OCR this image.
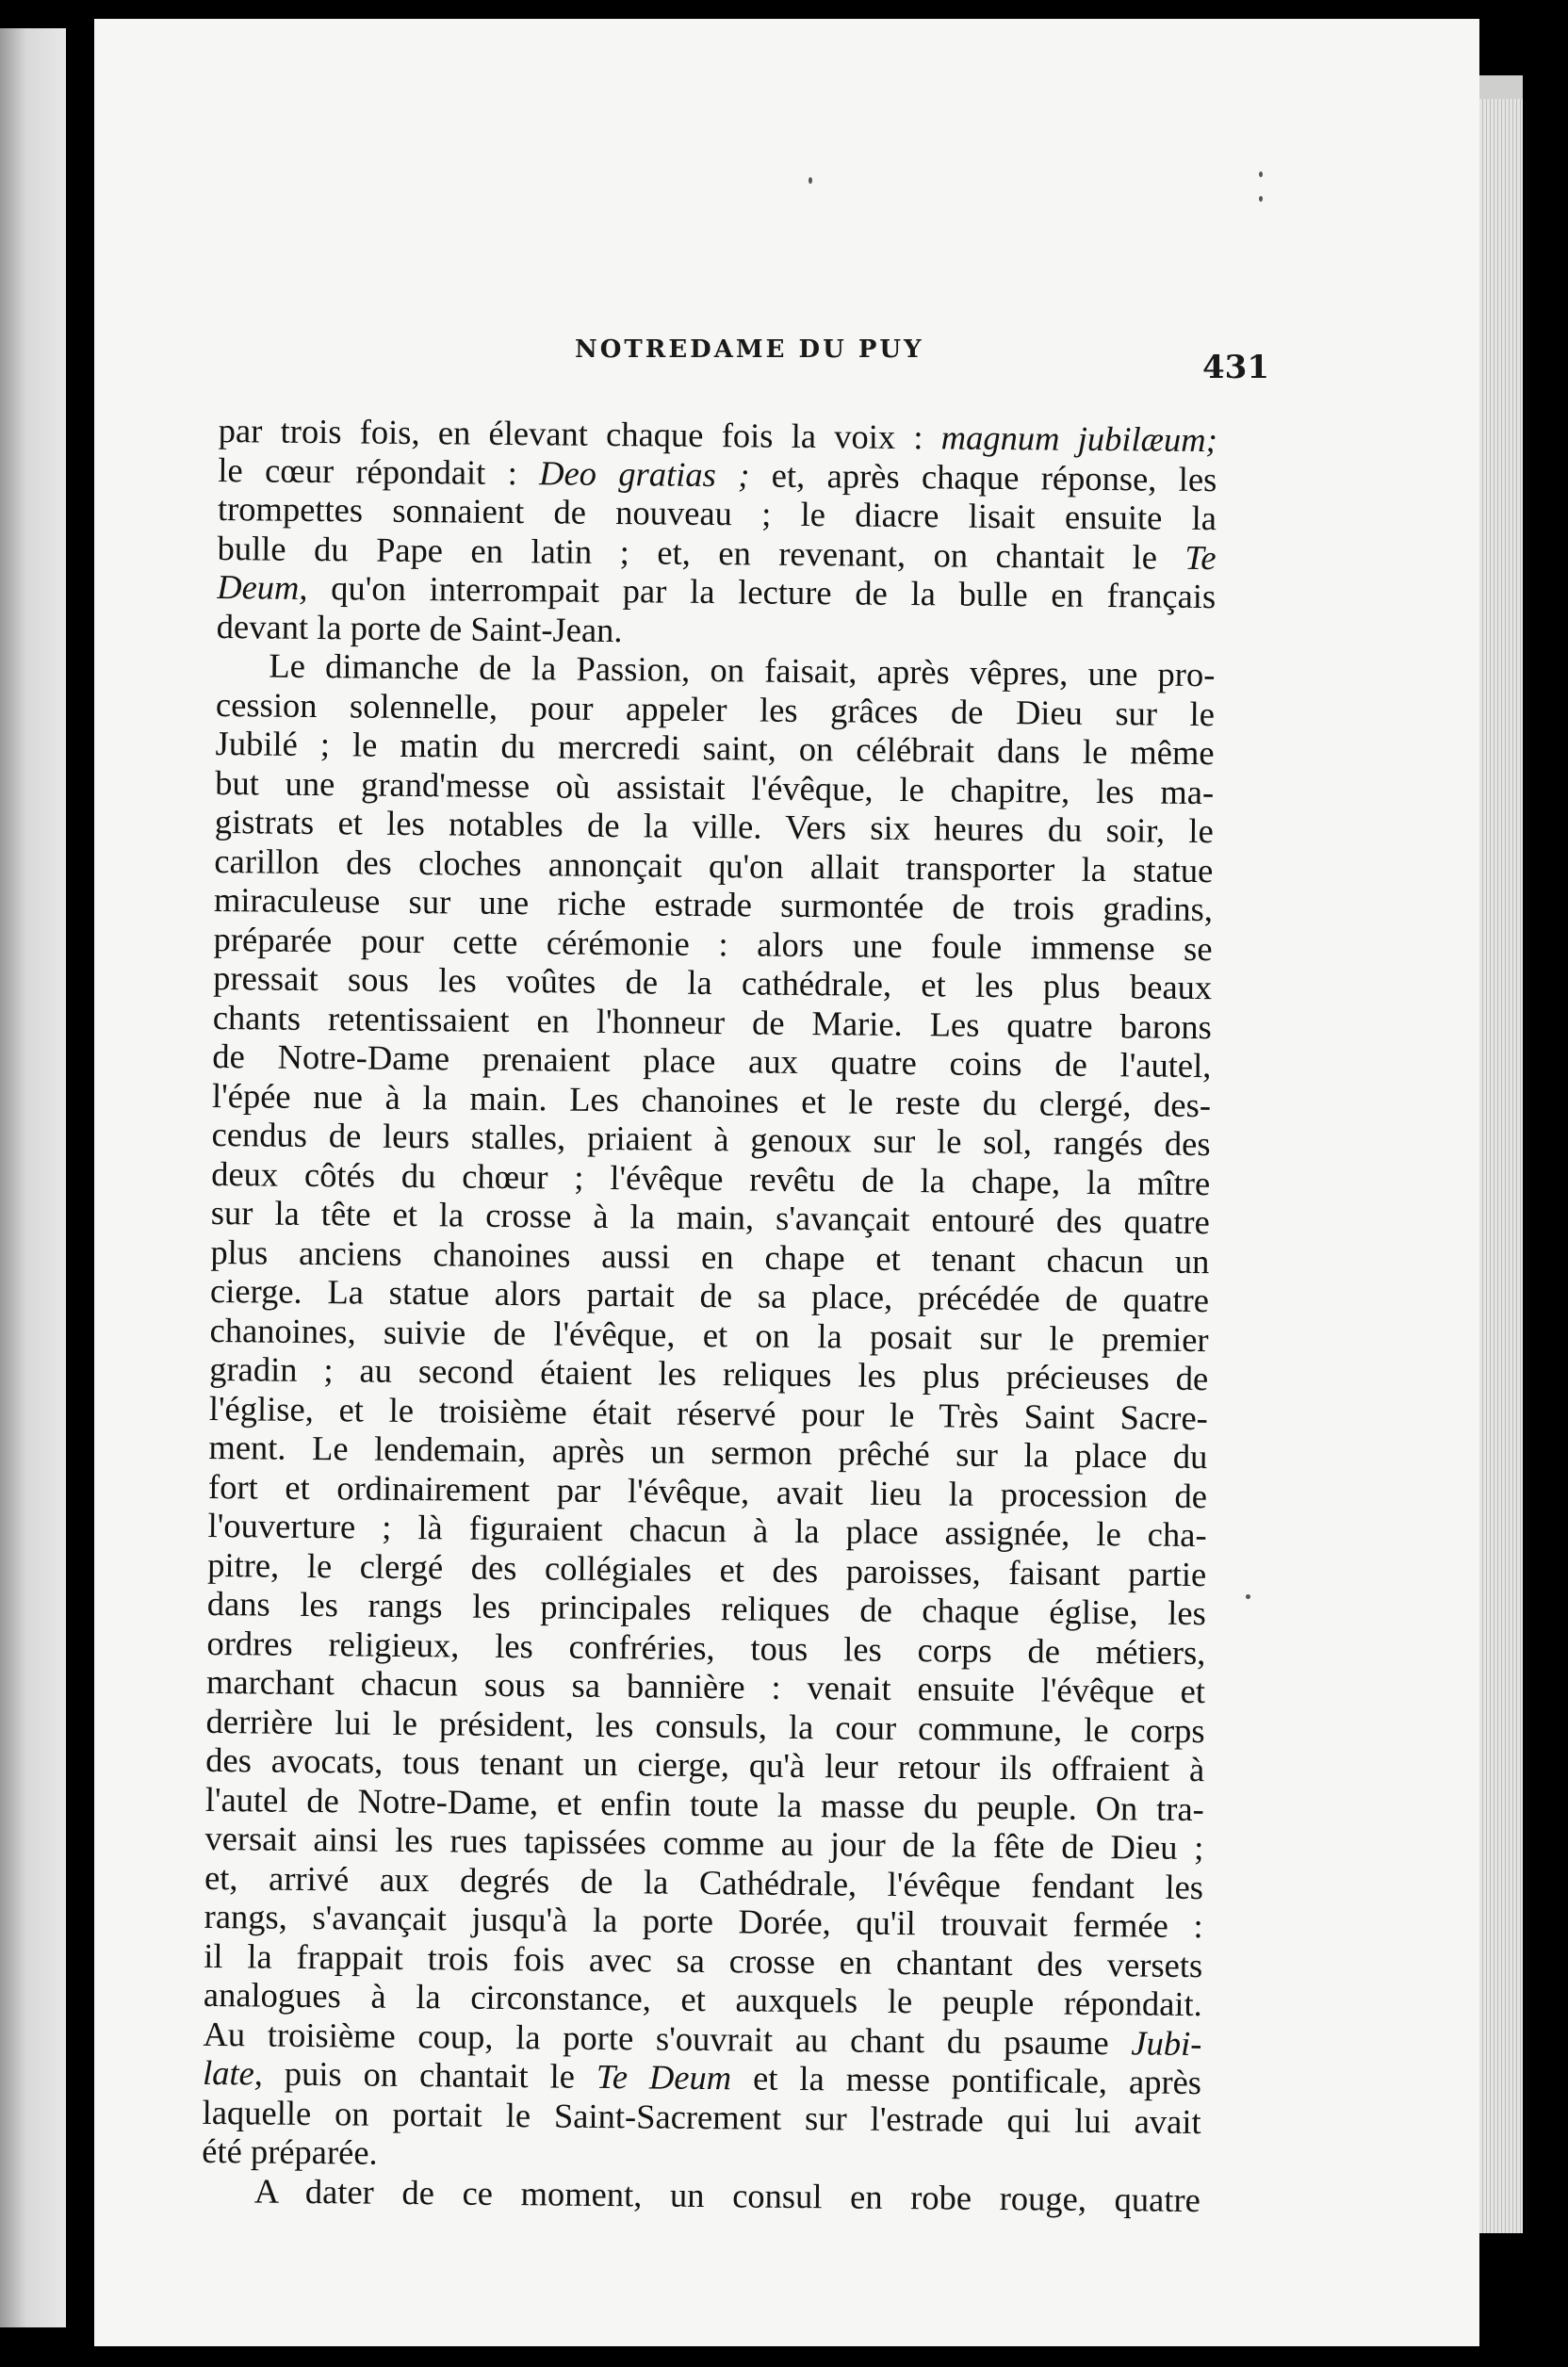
NOTREDAME DU PUY	431
par trois fois, en élevant chaque fois la voix : magnum jubilæum;
le cœur répondait : Deo gratias ; et, après chaque réponse, les
trompettes sonnaient de nouveau ; le diacre lisait ensuite la
bulle du Pape en latin ; et, en revenant, on chantait le Te
Deum, qu'on interrompait par la lecture de la bulle en français
devant la porte de Saint-Jean.
Le dimanche de la Passion, on faisait, après vêpres, une pro-
cession solennelle, pour appeler les grâces de Dieu sur le
Jubilé ; le matin du mercredi saint, on célébrait dans le même
but une grand'messe où assistait l'évêque, le chapitre, les ma-
gistrats et les notables de la ville. Vers six heures du soir, le
carillon des cloches annonçait qu'on allait transporter la statue
miraculeuse sur une riche estrade surmontée de trois gradins,
préparée pour cette cérémonie : alors une foule immense se
pressait sous les voûtes de la cathédrale, et les plus beaux
chants retentissaient en l'honneur de Marie. Les quatre barons
de Notre-Dame prenaient place aux quatre coins de l'autel,
l'épée nue à la main. Les chanoines et le reste du clergé, des-
cendus de leurs stalles, priaient à genoux sur le sol, rangés des
deux côtés du chœur ; l'évêque revêtu de la chape, la mître
sur la tête et la crosse à la main, s'avançait entouré des quatre
plus anciens chanoines aussi en chape et tenant chacun un
cierge. La statue alors partait de sa place, précédée de quatre
chanoines, suivie de l'évêque, et on la posait sur le premier
gradin ; au second étaient les reliques les plus précieuses de
l'église, et le troisième était réservé pour le Très Saint Sacre-
ment. Le lendemain, après un sermon prêché sur la place du
fort et ordinairement par l'évêque, avait lieu la procession de
l'ouverture ; là figuraient chacun à la place assignée, le cha-
pitre, le clergé des collégiales et des paroisses, faisant partie
dans les rangs les principales reliques de chaque église, les
ordres religieux, les confréries, tous les corps de métiers,
marchant chacun sous sa bannière : venait ensuite l'évêque et
derrière lui le président, les consuls, la cour commune, le corps
des avocats, tous tenant un cierge, qu'à leur retour ils offraient à
l'autel de Notre-Dame, et enfin toute la masse du peuple. On tra-
versait ainsi les rues tapissées comme au jour de la fête de Dieu ;
et, arrivé aux degrés de la Cathédrale, l'évêque fendant les
rangs, s'avançait jusqu'à la porte Dorée, qu'il trouvait fermée :
il la frappait trois fois avec sa crosse en chantant des versets
analogues à la circonstance, et auxquels le peuple répondait.
Au troisième coup, la porte s'ouvrait au chant du psaume Jubi-
late, puis on chantait le Te Deum et la messe pontificale, après
laquelle on portait le Saint-Sacrement sur l'estrade qui lui avait
été préparée.
A dater de ce moment, un consul en robe rouge, quatre
